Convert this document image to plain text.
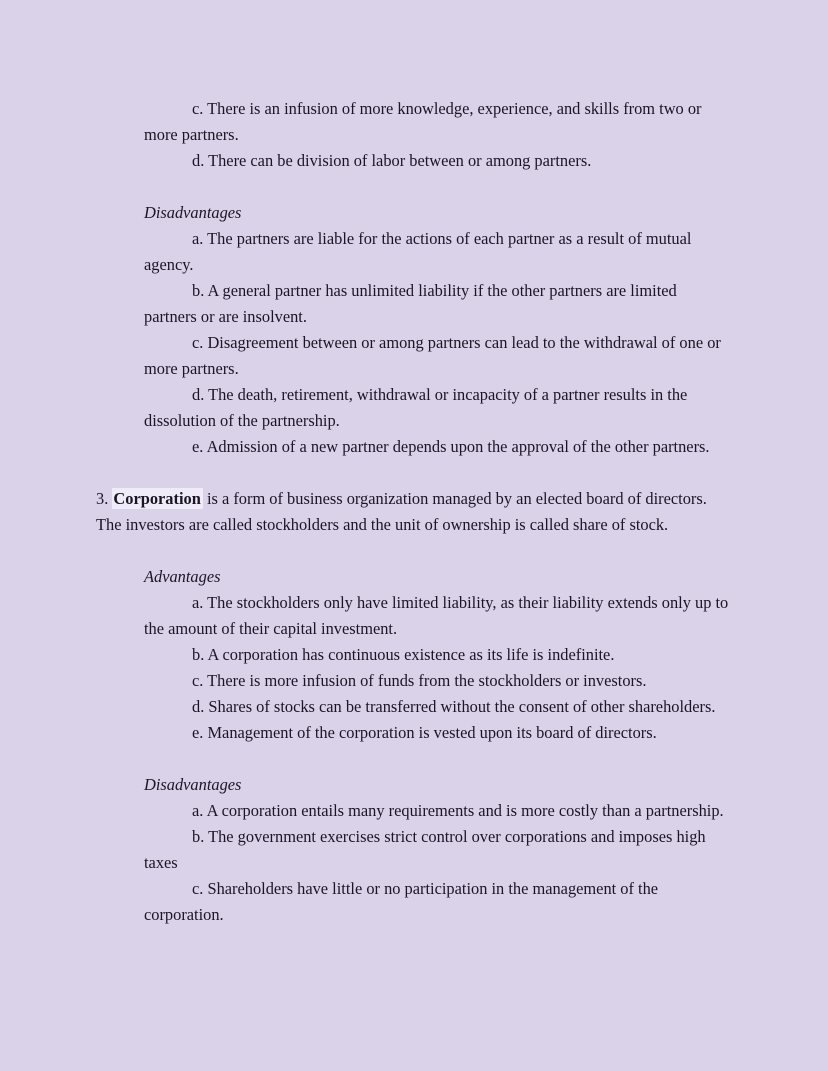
c. There is an infusion of more knowledge, experience, and skills from two or more partners.

d. There can be division of labor between or among partners.

Disadvantages

a. The partners are liable for the actions of each partner as a result of mutual agency.

b. A general partner has unlimited liability if the other partners are limited partners or are insolvent.

c. Disagreement between or among partners can lead to the withdrawal of one or more partners.

d. The death, retirement, withdrawal or incapacity of a partner results in the dissolution of the partnership.

e. Admission of a new partner depends upon the approval of the other partners.

3. Corporation is a form of business organization managed by an elected board of directors. The investors are called stockholders and the unit of ownership is called share of stock.

Advantages

a. The stockholders only have limited liability, as their liability extends only up to the amount of their capital investment.

b. A corporation has continuous existence as its life is indefinite.

c. There is more infusion of funds from the stockholders or investors.

d. Shares of stocks can be transferred without the consent of other shareholders.

e. Management of the corporation is vested upon its board of directors.

Disadvantages

a. A corporation entails many requirements and is more costly than a partnership.

b. The government exercises strict control over corporations and imposes high taxes

c. Shareholders have little or no participation in the management of the corporation.
